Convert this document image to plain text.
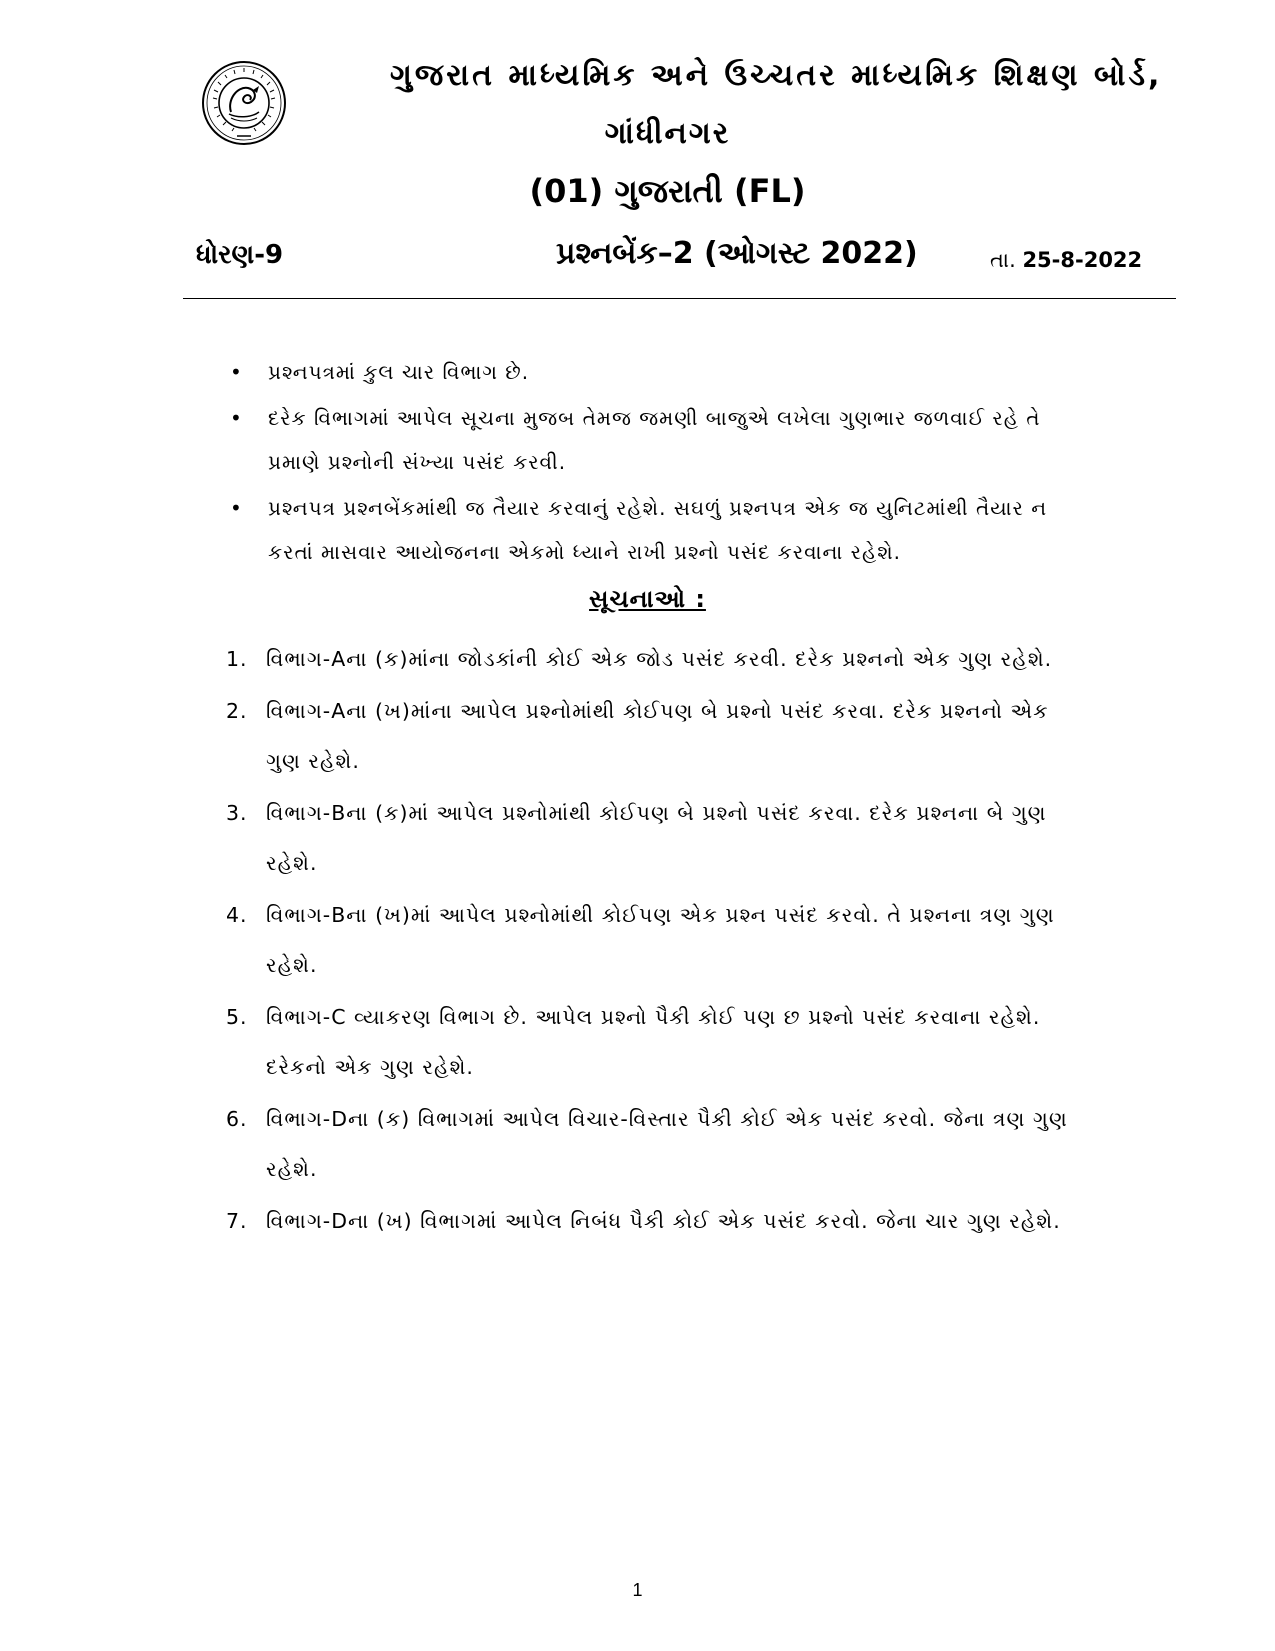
ગુજરાત માધ્યમિક અને ઉચ્ચતર માધ્યમિક શિક્ષણ બોર્ડ,

ગાંધીનગર

(01) ગુજરાતી (FL)

ધોરણ-9	પ્રશ્નબેંક–2 (ઓગસ્ટ 2022)	તા. 25-8-2022
• પ્રશ્નપત્રમાં કુલ ચાર વિભાગ છે.
• દરેક વિભાગમાં આપેલ સૂચના મુજબ તેમજ જમણી બાજુએ લખેલા ગુણભાર જળવાઈ રહે તે પ્રમાણે પ્રશ્નોની સંખ્યા પસંદ કરવી.
• પ્રશ્નપત્ર પ્રશ્નબેંકમાંથી જ તૈયાર કરવાનું રહેશે. સઘળું પ્રશ્નપત્ર એક જ યુનિટમાંથી તૈયાર ન કરતાં માસવાર આયોજનના એકમો ધ્યાને રાખી પ્રશ્નો પસંદ કરવાના રહેશે.
સૂચનાઓ :
1. વિભાગ-Aના (ક)માંના જોડકાંની કોઈ એક જોડ પસંદ કરવી. દરેક પ્રશ્નનો એક ગુણ રહેશે.
2. વિભાગ-Aના (ખ)માંના આપેલ પ્રશ્નોમાંથી કોઈપણ બે પ્રશ્નો પસંદ કરવા. દરેક પ્રશ્નનો એક ગુણ રહેશે.
3. વિભાગ-Bના (ક)માં આપેલ પ્રશ્નોમાંથી કોઈપણ બે પ્રશ્નો પસંદ કરવા. દરેક પ્રશ્નના બે ગુણ રહેશે.
4. વિભાગ-Bના (ખ)માં આપેલ પ્રશ્નોમાંથી કોઈપણ એક પ્રશ્ન પસંદ કરવો. તે પ્રશ્નના ત્રણ ગુણ રહેશે.
5. વિભાગ-C વ્યાકરણ વિભાગ છે. આપેલ પ્રશ્નો પૈકી કોઈ પણ છ પ્રશ્નો પસંદ કરવાના રહેશે. દરેકનો એક ગુણ રહેશે.
6. વિભાગ-Dના (ક) વિભાગમાં આપેલ વિચાર-વિસ્તાર પૈકી કોઈ એક પસંદ કરવો. જેના ત્રણ ગુણ રહેશે.
7. વિભાગ-Dના (ખ) વિભાગમાં આપેલ નિબંધ પૈકી કોઈ એક પસંદ કરવો. જેના ચાર ગુણ રહેશે.
1
